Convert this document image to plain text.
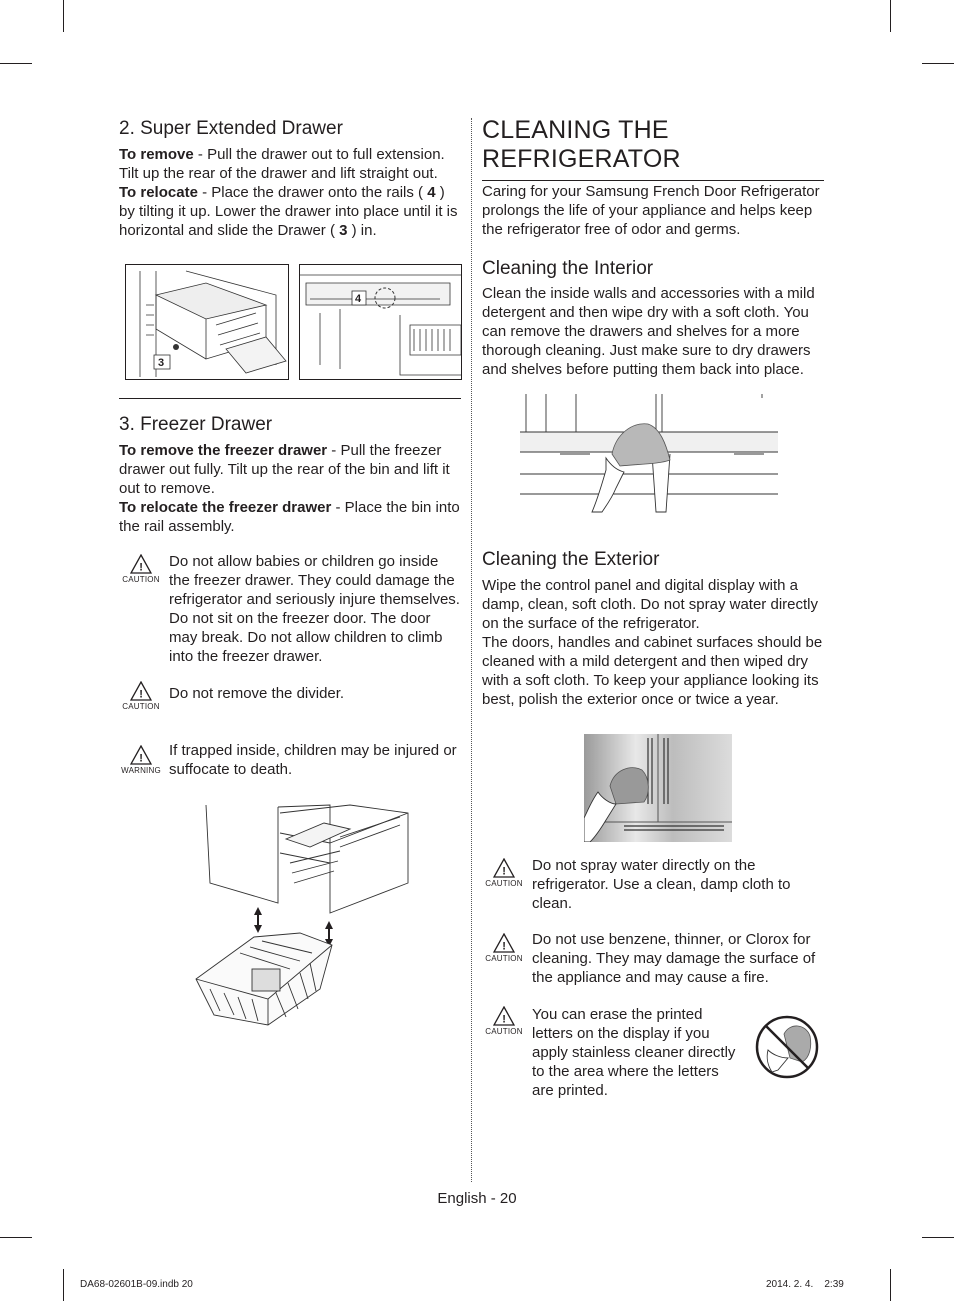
2. Super Extended Drawer
To remove - Pull the drawer out to full extension. Tilt up the rear of the drawer and lift straight out.
To relocate - Place the drawer onto the rails ( 4 ) by tilting it up. Lower the drawer into place until it is horizontal and slide the Drawer ( 3 ) in.
3
4
3. Freezer Drawer
To remove the freezer drawer - Pull the freezer drawer out fully. Tilt up the rear of the bin and lift it out to remove.
To relocate the freezer drawer - Place the bin into the rail assembly.
!
CAUTION
Do not allow babies or children go inside the freezer drawer. They could damage the refrigerator and seriously injure themselves. Do not sit on the freezer door. The door may break. Do not allow children to climb into the freezer drawer.
!
CAUTION
Do not remove the divider.
!
WARNING
If trapped inside, children may be injured or suffocate to death.
CLEANING THE
REFRIGERATOR
Caring for your Samsung French Door Refrigerator prolongs the life of your appliance and helps keep the refrigerator free of odor and germs.
Cleaning the Interior
Clean the inside walls and accessories with a mild detergent and then wipe dry with a soft cloth. You can remove the drawers and shelves for a more thorough cleaning. Just make sure to dry drawers and shelves before putting them back into place.
Cleaning the Exterior
Wipe the control panel and digital display with a damp, clean, soft cloth. Do not spray water directly on the surface of the refrigerator.
The doors, handles and cabinet surfaces should be cleaned with a mild detergent and then wiped dry with a soft cloth. To keep your appliance looking its best, polish the exterior once or twice a year.
!
CAUTION
Do not spray water directly on the refrigerator. Use a clean, damp cloth to clean.
!
CAUTION
Do not use benzene, thinner, or Clorox for cleaning. They may damage the surface of the appliance and may cause a fire.
!
CAUTION
You can erase the printed letters on the display if you apply stainless cleaner directly to the area where the letters are printed.
English - 20
DA68-02601B-09.indb 20	2014. 2. 4.    2:39
